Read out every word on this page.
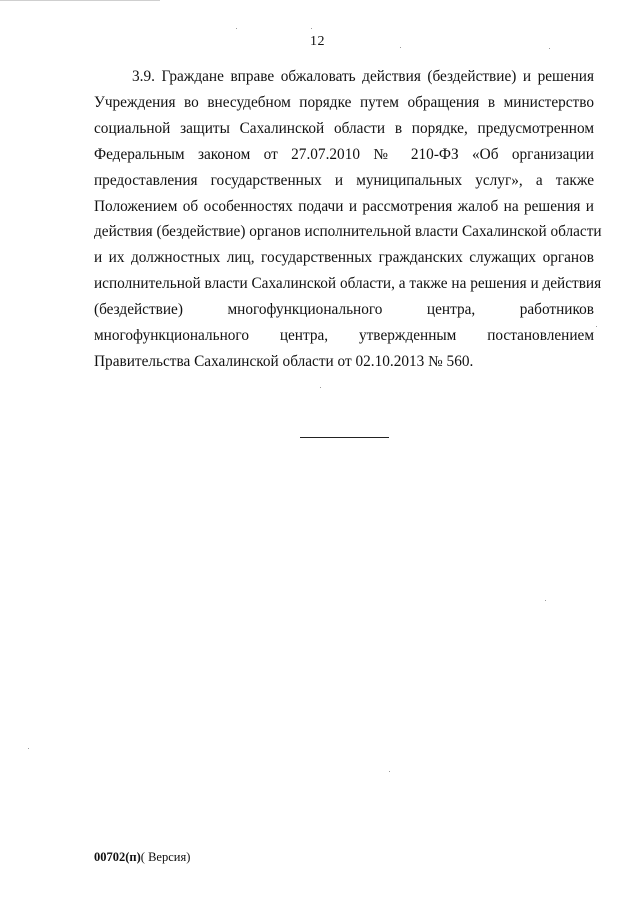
12
3.9. Граждане вправе обжаловать действия (бездействие) и решения
Учреждения во внесудебном порядке путем обращения в министерство
социальной защиты Сахалинской области в порядке, предусмотренном
Федеральным законом от 27.07.2010 № 210-ФЗ «Об организации
предоставления государственных и муниципальных услуг», а также
Положением об особенностях подачи и рассмотрения жалоб на решения и
действия (бездействие) органов исполнительной власти Сахалинской области
и их должностных лиц, государственных гражданских служащих органов
исполнительной власти Сахалинской области, а также на решения и действия
(бездействие) многофункционального центра, работников
многофункционального центра, утвержденным постановлением
Правительства Сахалинской области от 02.10.2013 № 560.
00702(п)( Версия)
